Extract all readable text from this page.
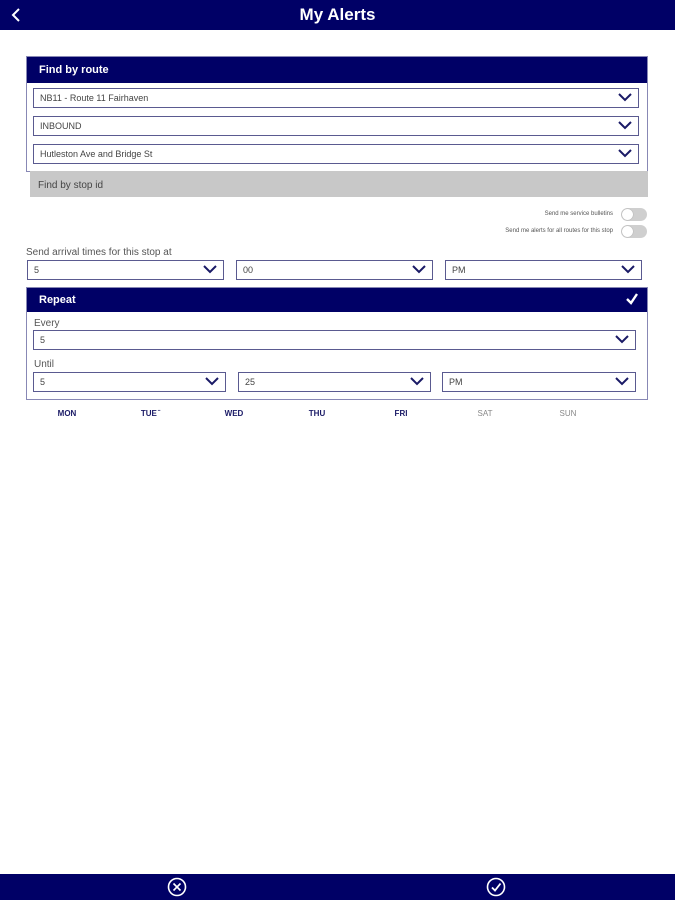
My Alerts
Find by route
NB11 - Route 11 Fairhaven
INBOUND
Hutleston Ave and Bridge St
Find by stop id
Send me service bulletins
Send me alerts for all routes for this stop
Send arrival times for this stop at
5	00	PM
Repeat
Every
5
Until
5	25	PM
MON	TUE ̄	WED	THU	FRI	SAT	SUN
